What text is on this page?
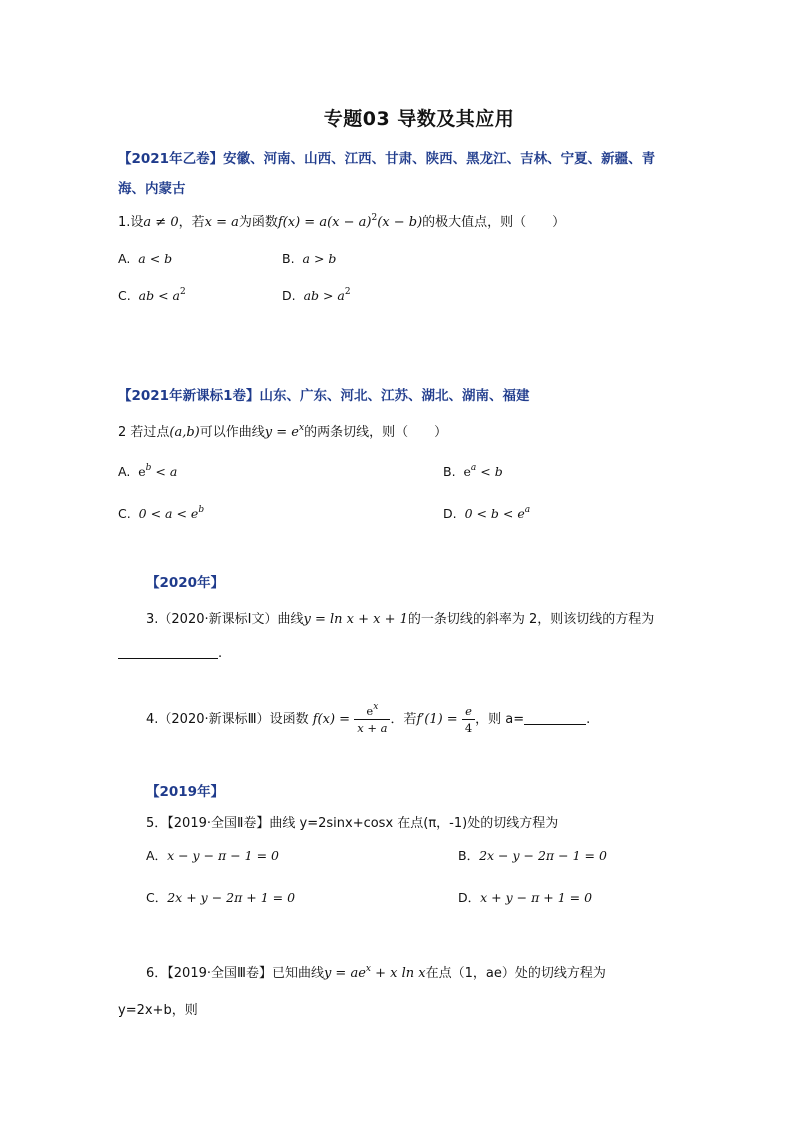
专题03 导数及其应用
【2021年乙卷】安徽、河南、山西、江西、甘肃、陕西、黑龙江、吉林、宁夏、新疆、青
海、内蒙古
1.设a ≠ 0，若x = a为函数$f(x) = a(x - a)^2(x - b)$的极大值点，则（　　）
A. a < b	B. a > b
C. ab < $a^2$	D. ab > $a^2$
【2021年新课标1卷】山东、广东、河北、江苏、湖北、湖南、福建
2 若过点(a,b)可以作曲线$y = e^x$的两条切线，则（　　）
A. $e^b < a$	B. $e^a < b$
C. $0 < a < e^b$	D. $0 < b < e^a$
【2020年】
3.（2020·新课标Ⅰ文）曲线y = ln x + x + 1的一条切线的斜率为 2，则该切线的方程为
.
4.（2020·新课标Ⅲ）设函数 $f(x) = \frac{e^x}{x + a}$ ．若$f'(1) = \frac{e}{4}$ ，则 a=	.
【2019年】
5．【2019·全国Ⅱ卷】曲线 y=2sinx+cosx 在点(π，-1)处的切线方程为
A．x − y − π − 1 = 0	B．2x − y − 2π − 1 = 0
C．2x + y − 2π + 1 = 0	D．x + y − π + 1 = 0
6．【2019·全国Ⅲ卷】已知曲线$y = ae^x + x$ ln x在点（1，ae）处的切线方程为
y=2x+b，则
